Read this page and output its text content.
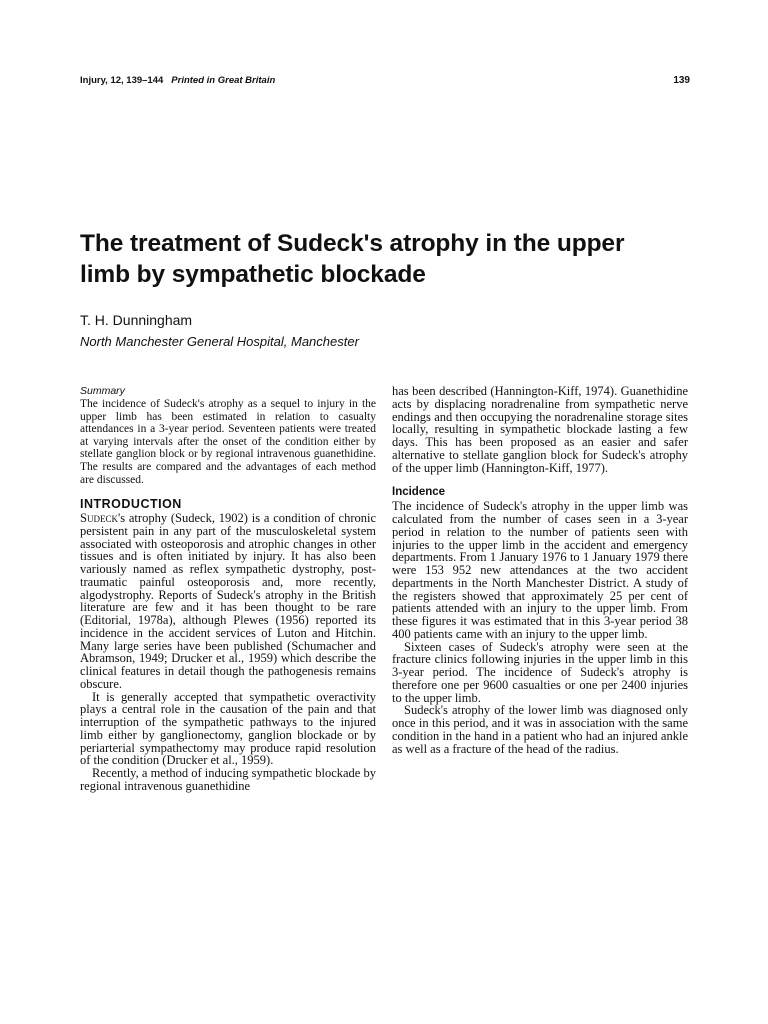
Injury, 12, 139–144 Printed in Great Britain	139
The treatment of Sudeck's atrophy in the upper limb by sympathetic blockade

T. H. Dunningham

North Manchester General Hospital, Manchester

Summary

The incidence of Sudeck's atrophy as a sequel to injury in the upper limb has been estimated in relation to casualty attendances in a 3-year period. Seventeen patients were treated at varying intervals after the onset of the condition either by stellate ganglion block or by regional intravenous guanethidine. The results are compared and the advantages of each method are discussed.

INTRODUCTION

Sudeck's atrophy (Sudeck, 1902) is a condition of chronic persistent pain in any part of the musculoskeletal system associated with osteoporosis and atrophic changes in other tissues and is often initiated by injury. It has also been variously named as reflex sympathetic dystrophy, post-traumatic painful osteoporosis and, more recently, algodystrophy. Reports of Sudeck's atrophy in the British literature are few and it has been thought to be rare (Editorial, 1978a), although Plewes (1956) reported its incidence in the accident services of Luton and Hitchin. Many large series have been published (Schumacher and Abramson, 1949; Drucker et al., 1959) which describe the clinical features in detail though the pathogenesis remains obscure.

It is generally accepted that sympathetic overactivity plays a central role in the causation of the pain and that interruption of the sympathetic pathways to the injured limb either by ganglionectomy, ganglion blockade or by periarterial sympathectomy may produce rapid resolution of the condition (Drucker et al., 1959).

Recently, a method of inducing sympathetic blockade by regional intravenous guanethidine

has been described (Hannington-Kiff, 1974). Guanethidine acts by displacing noradrenaline from sympathetic nerve endings and then occupying the noradrenaline storage sites locally, resulting in sympathetic blockade lasting a few days. This has been proposed as an easier and safer alternative to stellate ganglion block for Sudeck's atrophy of the upper limb (Hannington-Kiff, 1977).

Incidence

The incidence of Sudeck's atrophy in the upper limb was calculated from the number of cases seen in a 3-year period in relation to the number of patients seen with injuries to the upper limb in the accident and emergency departments. From 1 January 1976 to 1 January 1979 there were 153 952 new attendances at the two accident departments in the North Manchester District. A study of the registers showed that approximately 25 per cent of patients attended with an injury to the upper limb. From these figures it was estimated that in this 3-year period 38 400 patients came with an injury to the upper limb.

Sixteen cases of Sudeck's atrophy were seen at the fracture clinics following injuries in the upper limb in this 3-year period. The incidence of Sudeck's atrophy is therefore one per 9600 casualties or one per 2400 injuries to the upper limb.

Sudeck's atrophy of the lower limb was diagnosed only once in this period, and it was in association with the same condition in the hand in a patient who had an injured ankle as well as a fracture of the head of the radius.
